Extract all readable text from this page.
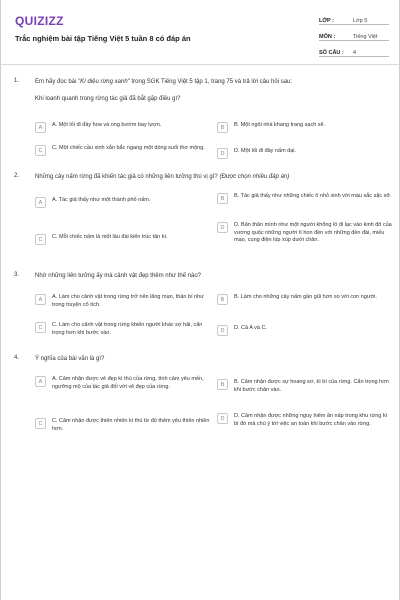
QUIZIZZ
Trắc nghiệm bài tập Tiếng Việt 5 tuần 8 có đáp án
LỚP :	Lớp 5
MÔN :	Tiếng Việt
SỐ CÂU :	4
1.	Em hãy đọc bài "Kì diệu rừng xanh" trong SGK Tiếng Việt 5 tập 1, trang 75 và trả lời câu hỏi sau:
Khi loanh quanh trong rừng tác giả đã bắt gặp điều gì?
A	A. Một lối đi đầy hoa và ong bướm bay lượn.	B	B. Một ngôi nhà khang trang sạch sẽ.
C	C. Một chiếc cầu xinh xắn bắc ngang một dòng suối thơ mộng.
D	D. Một lối đi đầy nấm dại.
2.	Những cây nấm rừng đã khiến tác giả có những liên tưởng thú vị gì? (Được chọn nhiều đáp án)
A	A. Tác giả thấy như một thành phố nấm.	B	B. Tác giả thấy như những chiếc ô nhỏ xinh với màu sắc sặc sỡ.
C	C. Mỗi chiếc nấm là một lâu đài kiến trúc tân kì.
D	D. Bản thân mình như một người khổng lồ đi lạc vào kinh đô của vương quốc những người tí hon đền với những đền đài, miếu mạo, cung điện lúp xúp dưới chân.
3.	Nhờ những liên tưởng ấy mà cảnh vật đẹp thêm như thế nào?
A	A. Làm cho cảnh vật trong rừng trở nên lãng mạn, thần bí như trong truyện cổ tích.
B	B. Làm cho những cây nấm gần gũi hơn so với con người.
C	C. Làm cho cảnh vật trong rừng khiến người khác sợ hãi, cẩn trọng hơn khi bước vào.	D	D. Cả A và C.
4.	Ý nghĩa của bài văn là gì?
A	A. Cảm nhận được vẻ đẹp kì thú của rừng, tình cảm yêu mến, ngưỡng mộ của tác giả đối với vẻ đẹp của rừng.	B	B. Cảm nhận được sự hoang sơ, kì bí của rừng. Cẩn trọng hơn khi bước chân vào.
C	C. Cảm nhận được thiên nhiên kì thú từ đó thêm yêu thiên nhiên hơn.
D	D. Cảm nhận được những nguy hiểm ẩn nấp trong khu rừng kì bí đó mà chú ý tới việc an toàn khi bước chân vào rừng.
